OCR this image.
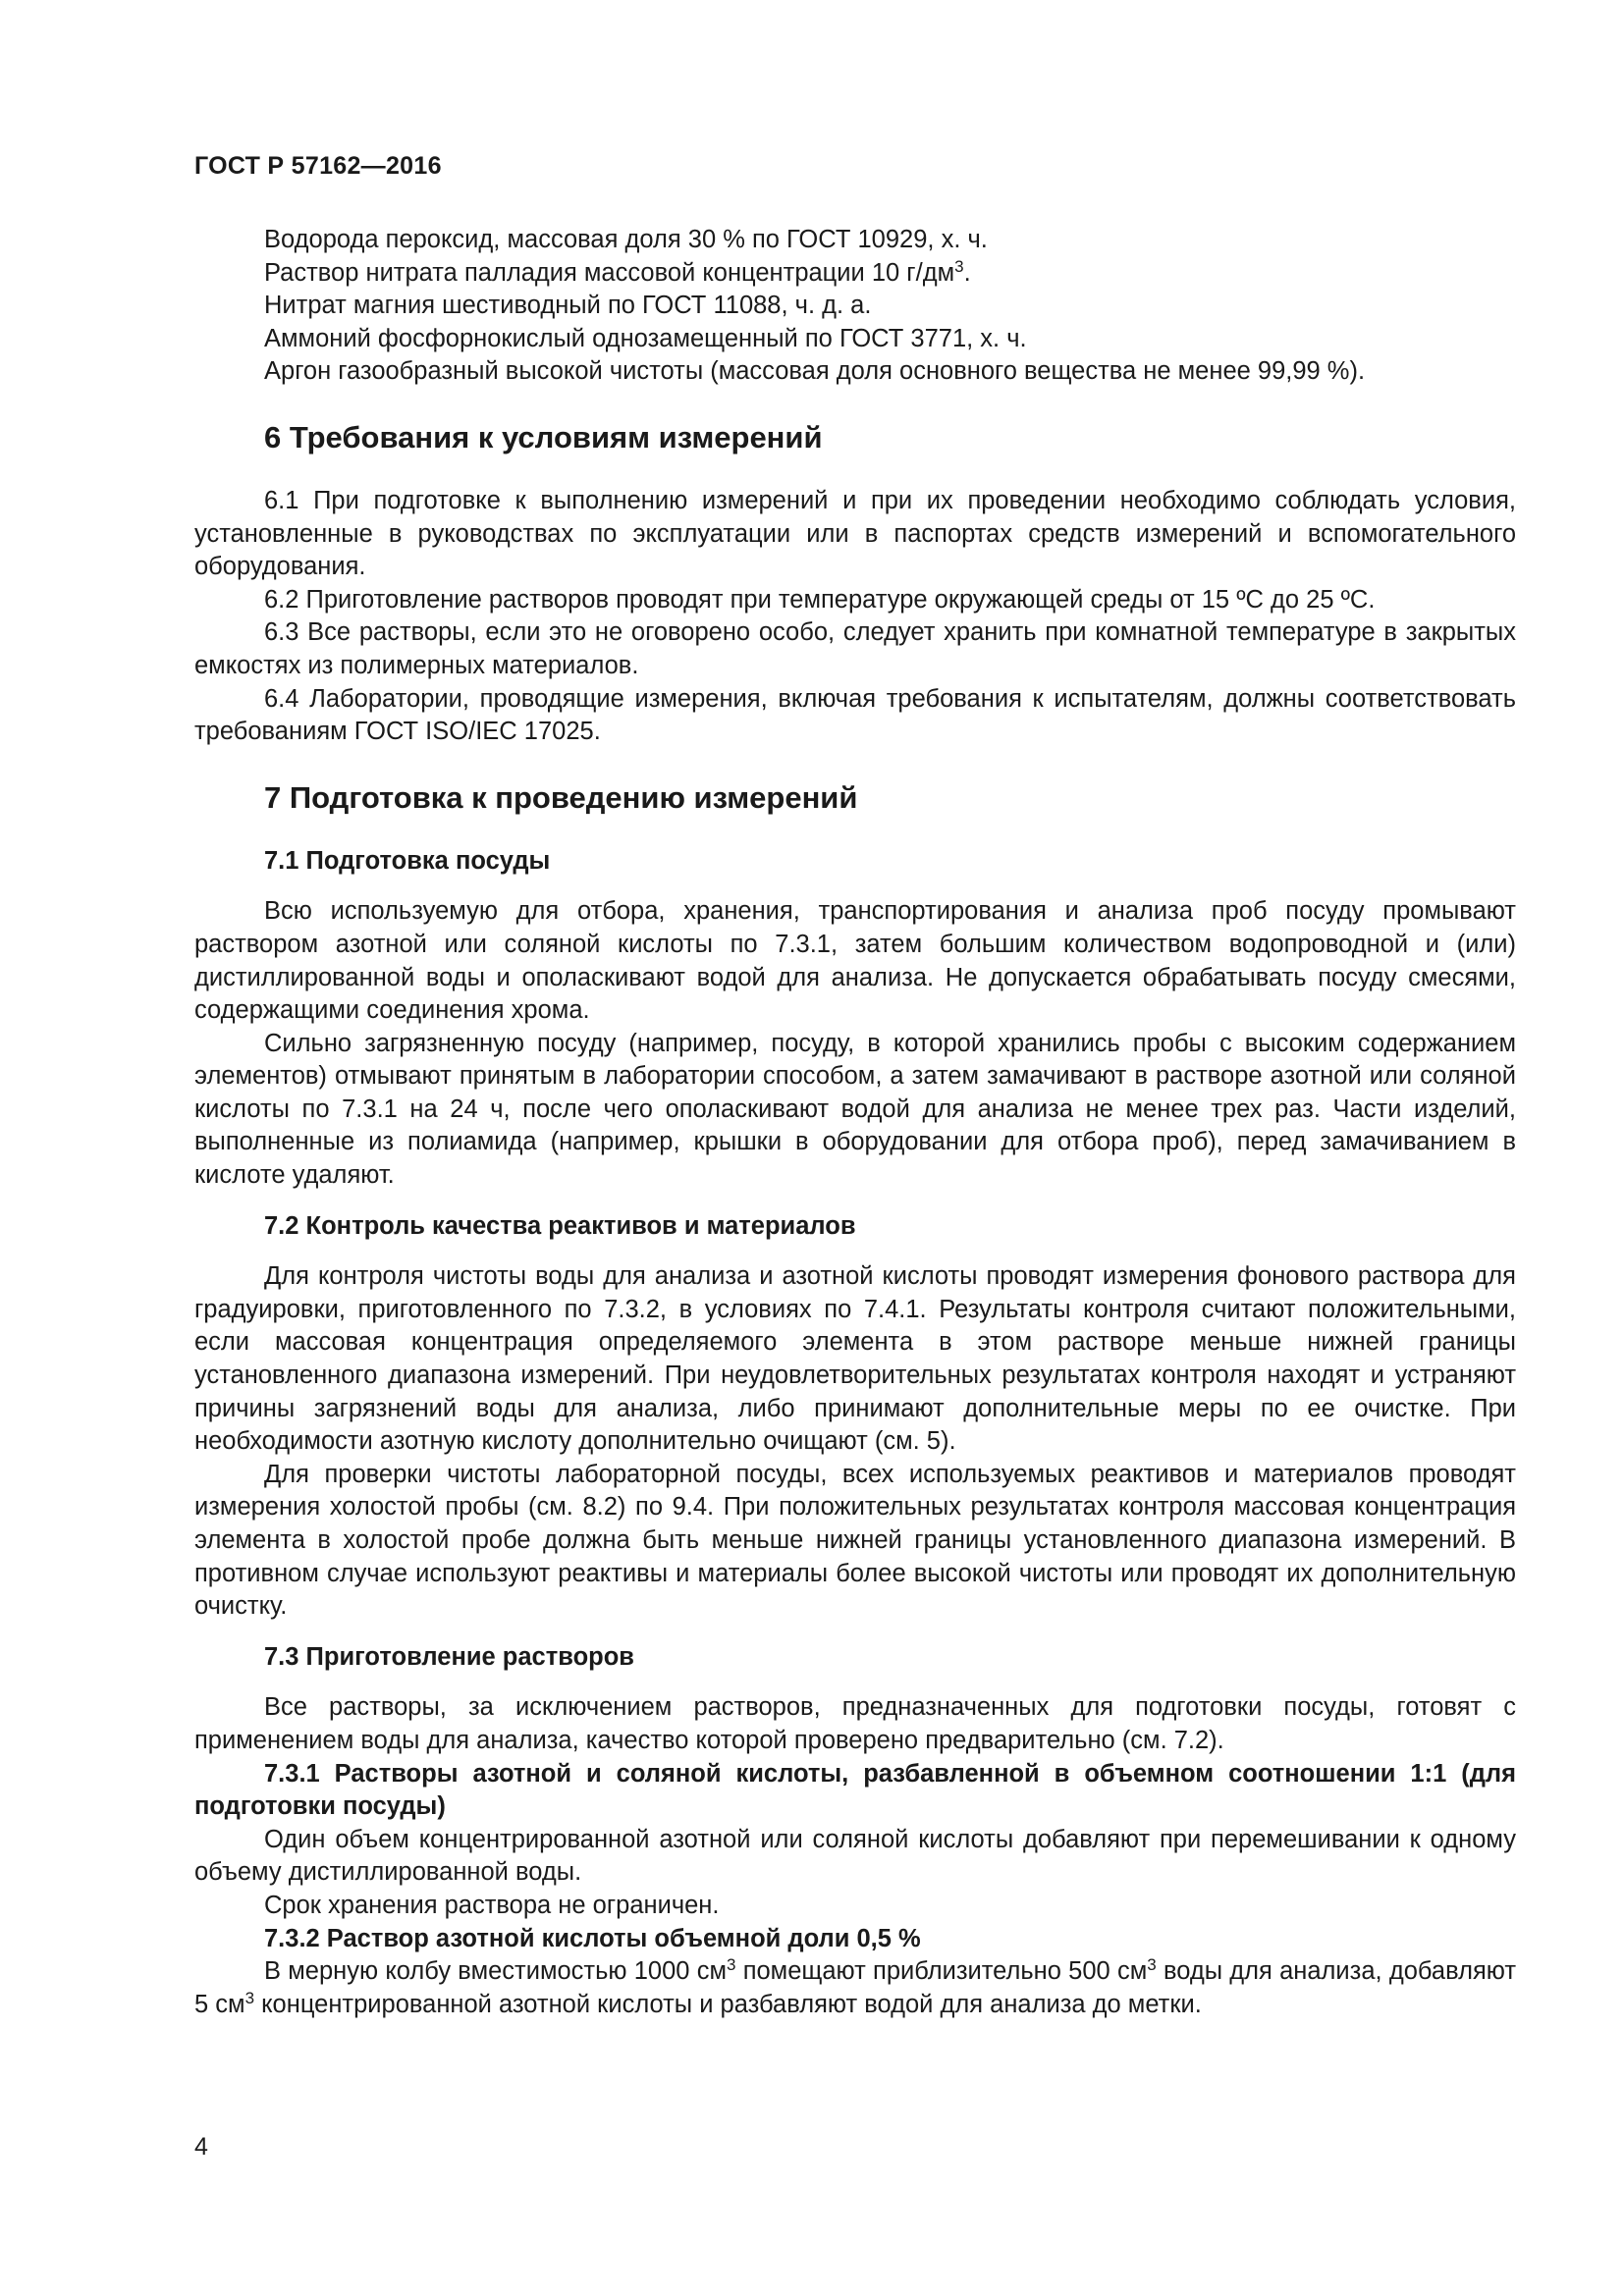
ГОСТ Р 57162—2016

Водорода пероксид, массовая доля 30 % по ГОСТ 10929, х. ч.

Раствор нитрата палладия массовой концентрации 10 $г/дм^3$.

Нитрат магния шестиводный по ГОСТ 11088, ч. д. а.

Аммоний фосфорнокислый однозамещенный по ГОСТ 3771, х. ч.

Аргон газообразный высокой чистоты (массовая доля основного вещества не менее 99,99 %).

6 Требования к условиям измерений

6.1 При подготовке к выполнению измерений и при их проведении необходимо соблюдать условия, установленные в руководствах по эксплуатации или в паспортах средств измерений и вспомогательного оборудования.

6.2 Приготовление растворов проводят при температуре окружающей среды от 15 ºС до 25 ºС.

6.3 Все растворы, если это не оговорено особо, следует хранить при комнатной температуре в закрытых емкостях из полимерных материалов.

6.4 Лаборатории, проводящие измерения, включая требования к испытателям, должны соответствовать требованиям ГОСТ ISO/IEC 17025.

7 Подготовка к проведению измерений
7.1 Подготовка посуды

Всю используемую для отбора, хранения, транспортирования и анализа проб посуду промывают раствором азотной или соляной кислоты по 7.3.1, затем большим количеством водопроводной и (или) дистиллированной воды и ополаскивают водой для анализа. Не допускается обрабатывать посуду смесями, содержащими соединения хрома.

Сильно загрязненную посуду (например, посуду, в которой хранились пробы с высоким содержанием элементов) отмывают принятым в лаборатории способом, а затем замачивают в растворе азотной или соляной кислоты по 7.3.1 на 24 ч, после чего ополаскивают водой для анализа не менее трех раз. Части изделий, выполненные из полиамида (например, крышки в оборудовании для отбора проб), перед замачиванием в кислоте удаляют.

7.2 Контроль качества реактивов и материалов

Для контроля чистоты воды для анализа и азотной кислоты проводят измерения фонового раствора для градуировки, приготовленного по 7.3.2, в условиях по 7.4.1. Результаты контроля считают положительными, если массовая концентрация определяемого элемента в этом растворе меньше нижней границы установленного диапазона измерений. При неудовлетворительных результатах контроля находят и устраняют причины загрязнений воды для анализа, либо принимают дополнительные меры по ее очистке. При необходимости азотную кислоту дополнительно очищают (см. 5).

Для проверки чистоты лабораторной посуды, всех используемых реактивов и материалов проводят измерения холостой пробы (см. 8.2) по 9.4. При положительных результатах контроля массовая концентрация элемента в холостой пробе должна быть меньше нижней границы установленного диапазона измерений. В противном случае используют реактивы и материалы более высокой чистоты или проводят их дополнительную очистку.

7.3 Приготовление растворов

Все растворы, за исключением растворов, предназначенных для подготовки посуды, готовят с применением воды для анализа, качество которой проверено предварительно (см. 7.2).

7.3.1 Растворы азотной и соляной кислоты, разбавленной в объемном соотношении 1:1 (для подготовки посуды)

Один объем концентрированной азотной или соляной кислоты добавляют при перемешивании к одному объему дистиллированной воды.

Срок хранения раствора не ограничен.

7.3.2 Раствор азотной кислоты объемной доли 0,5 %

В мерную колбу вместимостью 1000 $см^3$ помещают приблизительно 500 $см^3$ воды для анализа, добавляют 5 $см^3$ концентрированной азотной кислоты и разбавляют водой для анализа до метки.

4
